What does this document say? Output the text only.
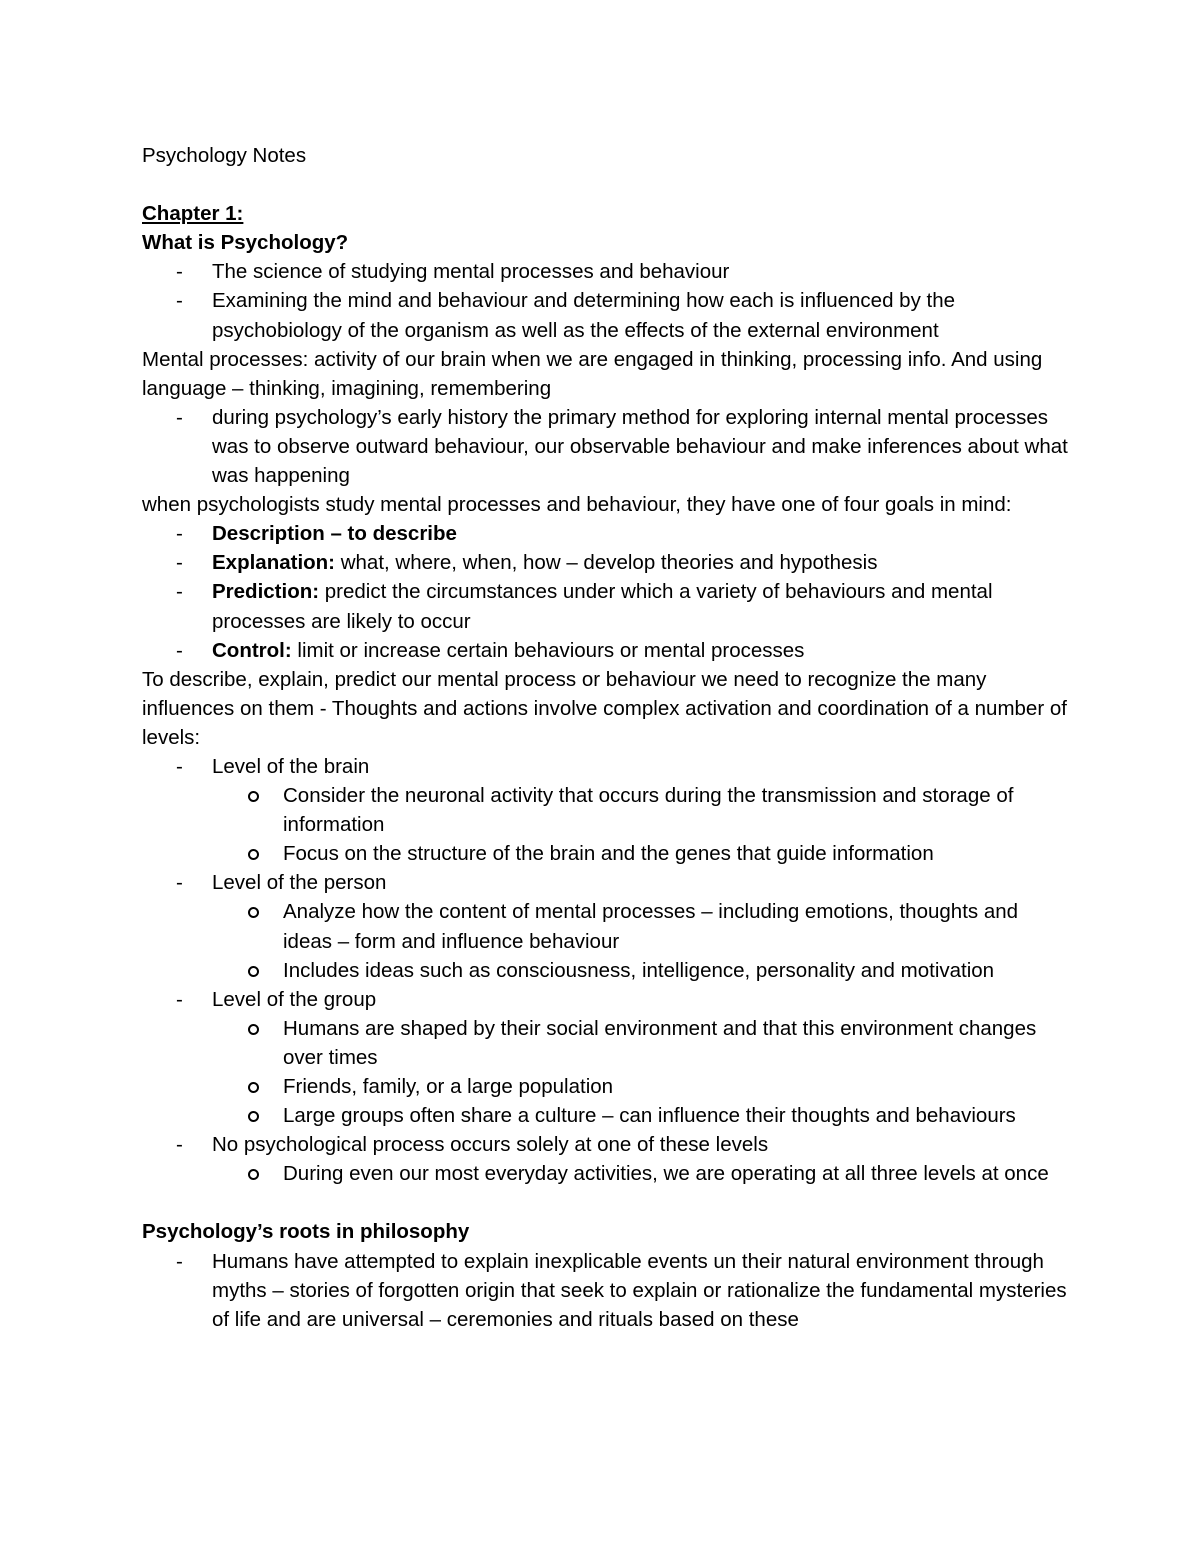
Psychology Notes

Chapter 1:
What is Psychology?
- The science of studying mental processes and behaviour
- Examining the mind and behaviour and determining how each is influenced by the psychobiology of the organism as well as the effects of the external environment

Mental processes: activity of our brain when we are engaged in thinking, processing info. And using language – thinking, imagining, remembering

- during psychology’s early history the primary method for exploring internal mental processes was to observe outward behaviour, our observable behaviour and make inferences about what was happening

when psychologists study mental processes and behaviour, they have one of four goals in mind:

- Description – to describe
- Explanation: what, where, when, how – develop theories and hypothesis
- Prediction: predict the circumstances under which a variety of behaviours and mental processes are likely to occur
- Control: limit or increase certain behaviours or mental processes

To describe, explain, predict our mental process or behaviour we need to recognize the many influences on them - Thoughts and actions involve complex activation and coordination of a number of levels:

- Level of the brain
Consider the neuronal activity that occurs during the transmission and storage of information
Focus on the structure of the brain and the genes that guide information
- Level of the person
Analyze how the content of mental processes – including emotions, thoughts and ideas – form and influence behaviour
Includes ideas such as consciousness, intelligence, personality and motivation
- Level of the group
Humans are shaped by their social environment and that this environment changes over times
Friends, family, or a large population
Large groups often share a culture – can influence their thoughts and behaviours
- No psychological process occurs solely at one of these levels
During even our most everyday activities, we are operating at all three levels at once
Psychology’s roots in philosophy
- Humans have attempted to explain inexplicable events un their natural environment through myths – stories of forgotten origin that seek to explain or rationalize the fundamental mysteries of life and are universal – ceremonies and rituals based on these
